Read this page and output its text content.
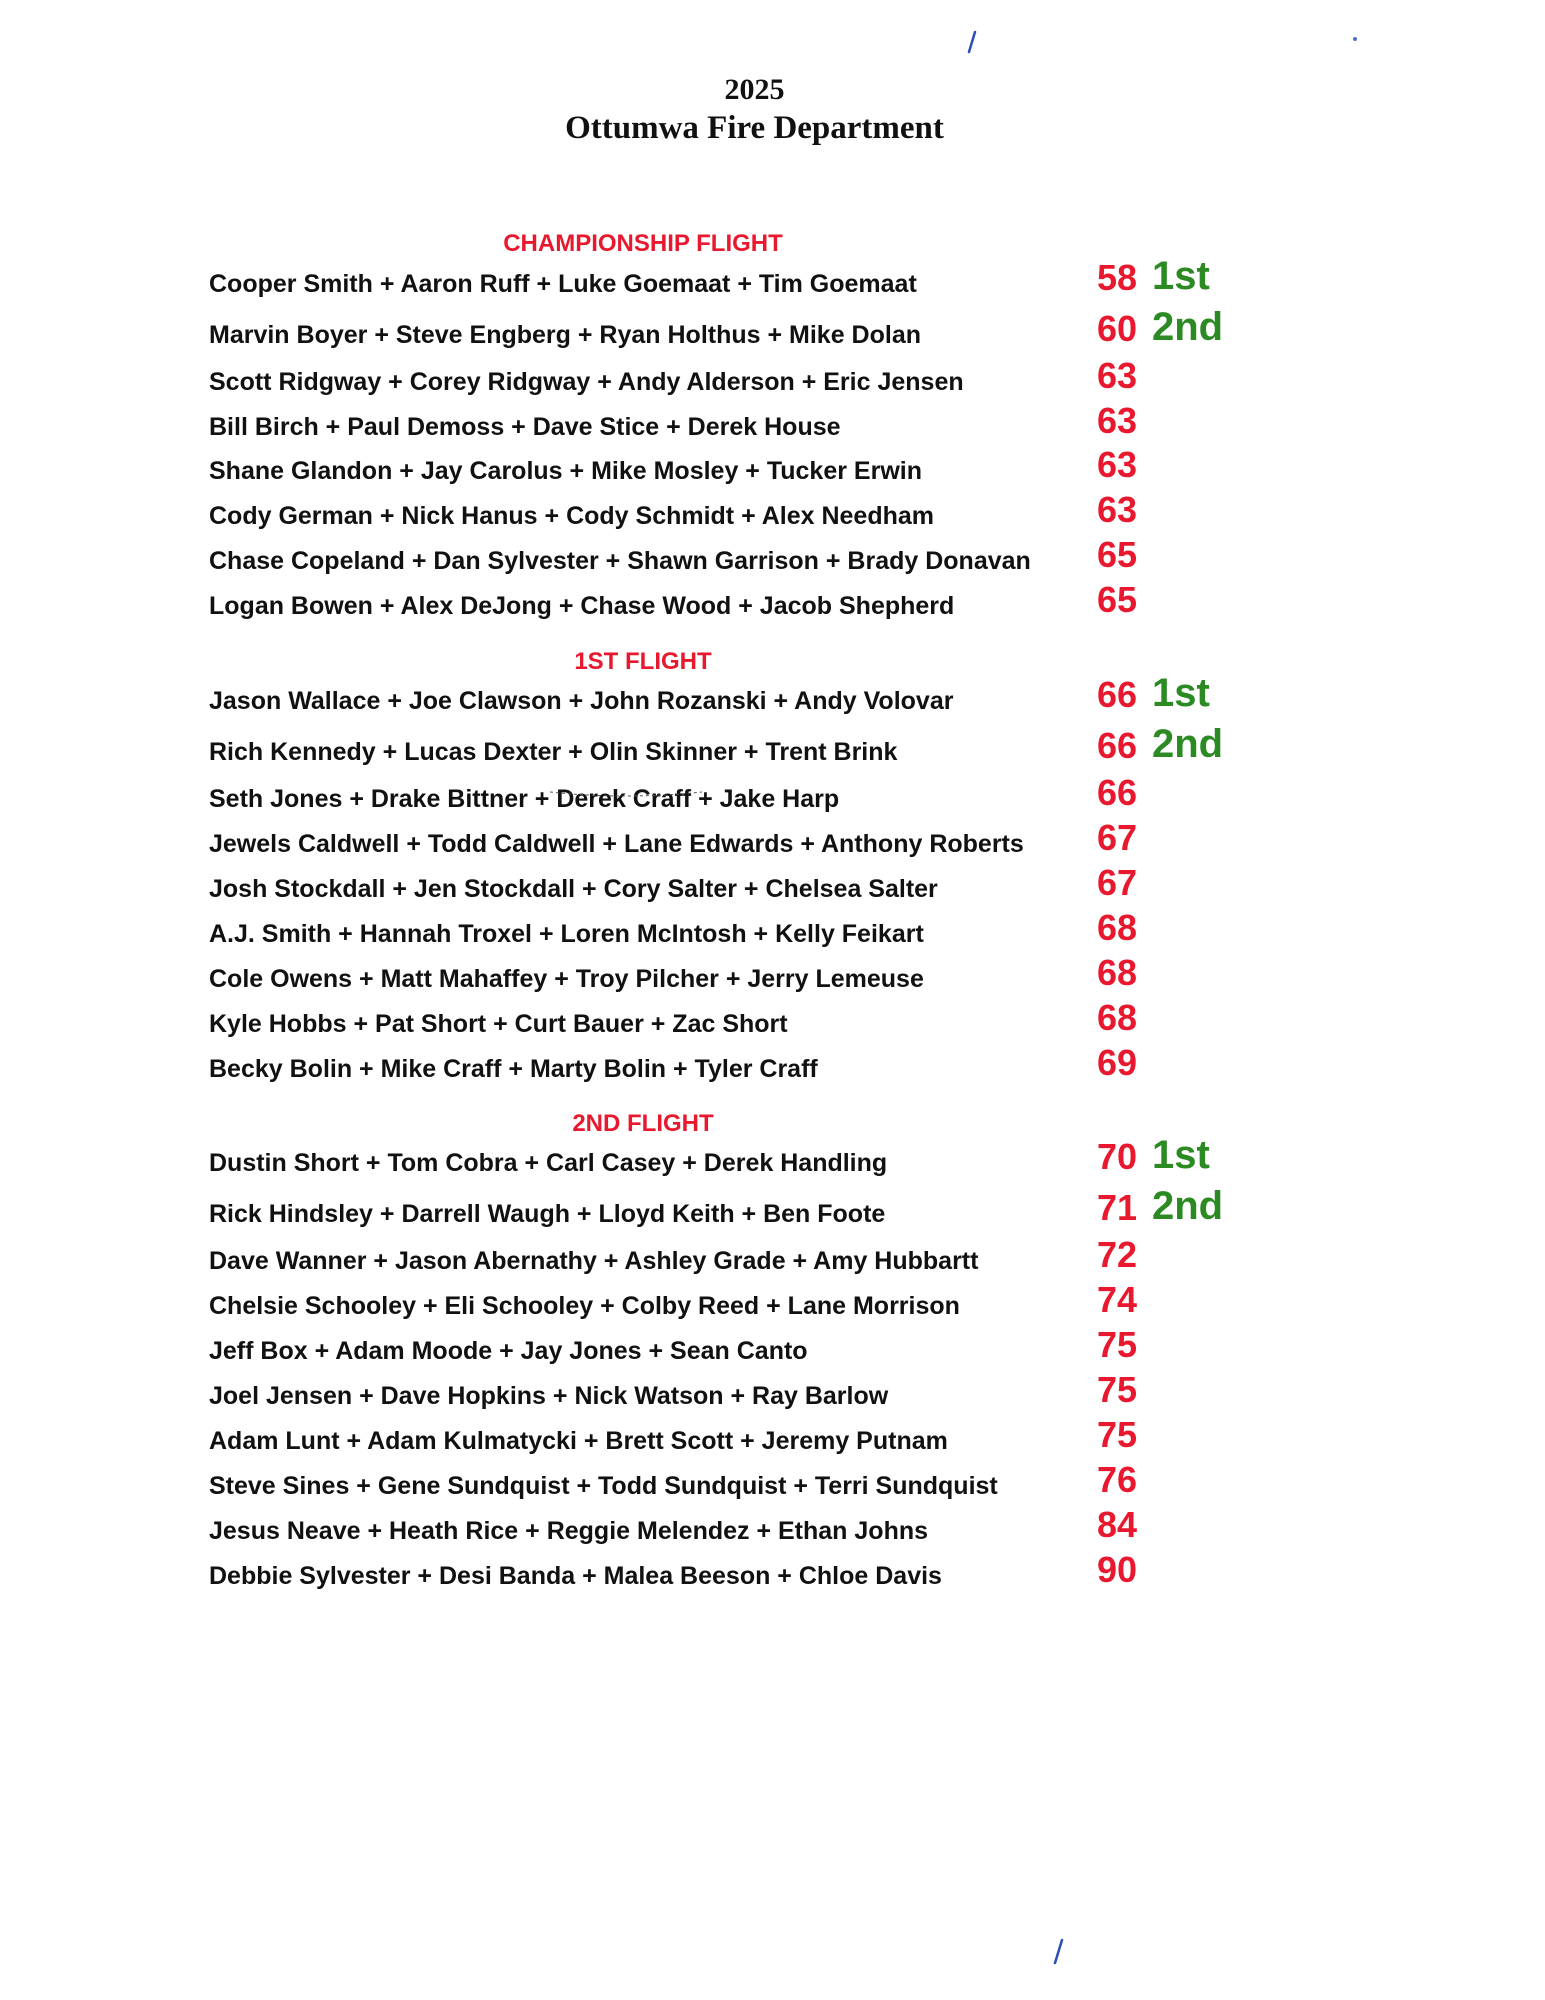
2025
Ottumwa Fire Department
CHAMPIONSHIP FLIGHT
Cooper Smith + Aaron Ruff + Luke Goemaat + Tim Goemaat	58 1st
Marvin Boyer + Steve Engberg + Ryan Holthus + Mike Dolan	60 2nd
Scott Ridgway + Corey Ridgway + Andy Alderson + Eric Jensen	63
Bill Birch + Paul Demoss + Dave Stice + Derek House	63
Shane Glandon + Jay Carolus + Mike Mosley + Tucker Erwin	63
Cody German + Nick Hanus + Cody Schmidt + Alex Needham	63
Chase Copeland + Dan Sylvester + Shawn Garrison + Brady Donavan 65
Logan Bowen + Alex DeJong + Chase Wood + Jacob Shepherd	65
1ST FLIGHT
Jason Wallace + Joe Clawson + John Rozanski + Andy Volovar	66 1st
Rich Kennedy + Lucas Dexter + Olin Skinner + Trent Brink	66 2nd
Seth Jones + Drake Bittner + Derek Craff + Jake Harp	66
Jewels Caldwell + Todd Caldwell + Lane Edwards + Anthony Roberts 67
Josh Stockdall + Jen Stockdall + Cory Salter + Chelsea Salter	67
A.J. Smith + Hannah Troxel + Loren McIntosh + Kelly Feikart	68
Cole Owens + Matt Mahaffey + Troy Pilcher + Jerry Lemeuse	68
Kyle Hobbs + Pat Short + Curt Bauer + Zac Short	68
Becky Bolin + Mike Craff + Marty Bolin + Tyler Craff	69
2ND FLIGHT
Dustin Short + Tom Cobra + Carl Casey + Derek Handling	70 1st
Rick Hindsley + Darrell Waugh + Lloyd Keith + Ben Foote	71 2nd
Dave Wanner + Jason Abernathy + Ashley Grade + Amy Hubbartt	72
Chelsie Schooley + Eli Schooley + Colby Reed + Lane Morrison	74
Jeff Box + Adam Moode + Jay Jones + Sean Canto	75
Joel Jensen + Dave Hopkins + Nick Watson + Ray Barlow	75
Adam Lunt + Adam Kulmatycki + Brett Scott + Jeremy Putnam	75
Steve Sines + Gene Sundquist + Todd Sundquist + Terri Sundquist	76
Jesus Neave + Heath Rice + Reggie Melendez + Ethan Johns	84
Debbie Sylvester + Desi Banda + Malea Beeson + Chloe Davis	90
